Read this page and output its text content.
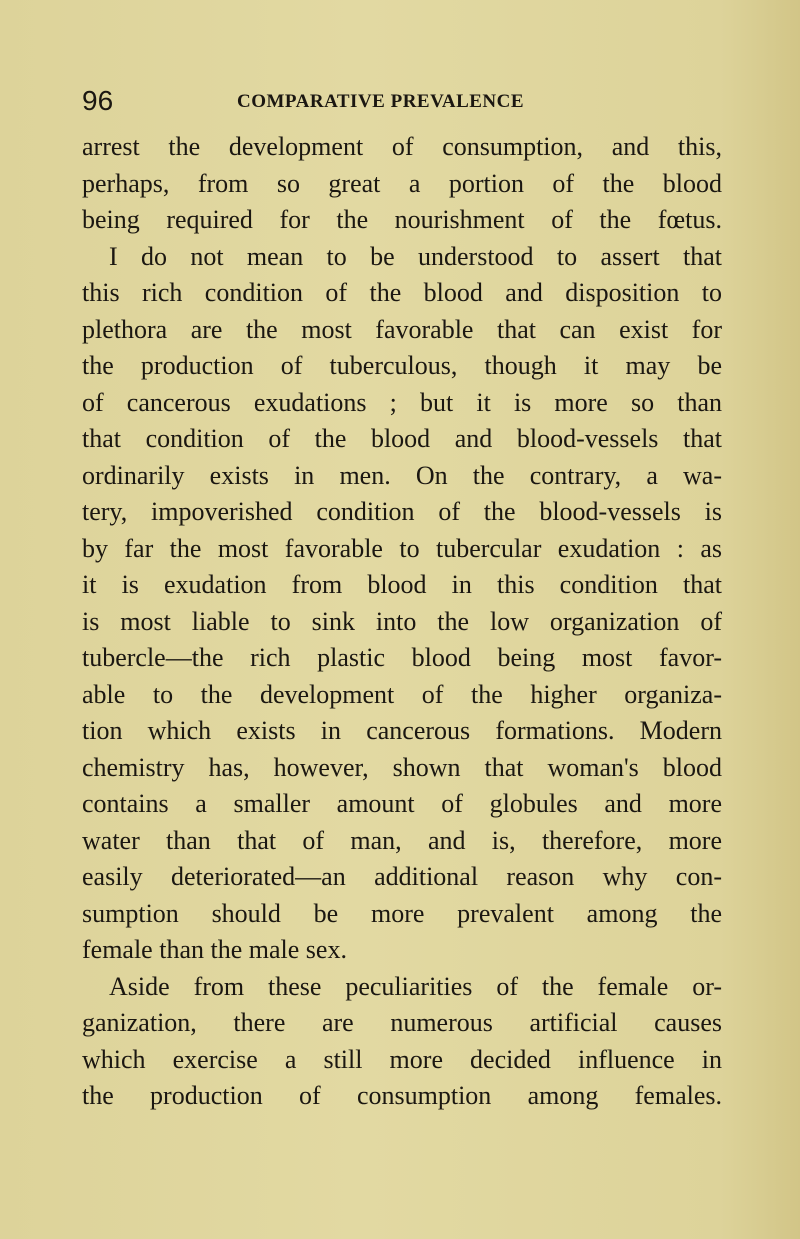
96	COMPARATIVE PREVALENCE
arrest the development of consumption, and this,
perhaps, from so great a portion of the blood
being required for the nourishment of the fœtus.
I do not mean to be understood to assert that
this rich condition of the blood and disposition to
plethora are the most favorable that can exist for
the production of tuberculous, though it may be
of cancerous exudations ; but it is more so than
that condition of the blood and blood-vessels that
ordinarily exists in men. On the contrary, a wa-
tery, impoverished condition of the blood-vessels is
by far the most favorable to tubercular exudation : as
it is exudation from blood in this condition that
is most liable to sink into the low organization of
tubercle—the rich plastic blood being most favor-
able to the development of the higher organiza-
tion which exists in cancerous formations. Modern
chemistry has, however, shown that woman's blood
contains a smaller amount of globules and more
water than that of man, and is, therefore, more
easily deteriorated—an additional reason why con-
sumption should be more prevalent among the
female than the male sex.
Aside from these peculiarities of the female or-
ganization, there are numerous artificial causes
which exercise a still more decided influence in
the production of consumption among females.
